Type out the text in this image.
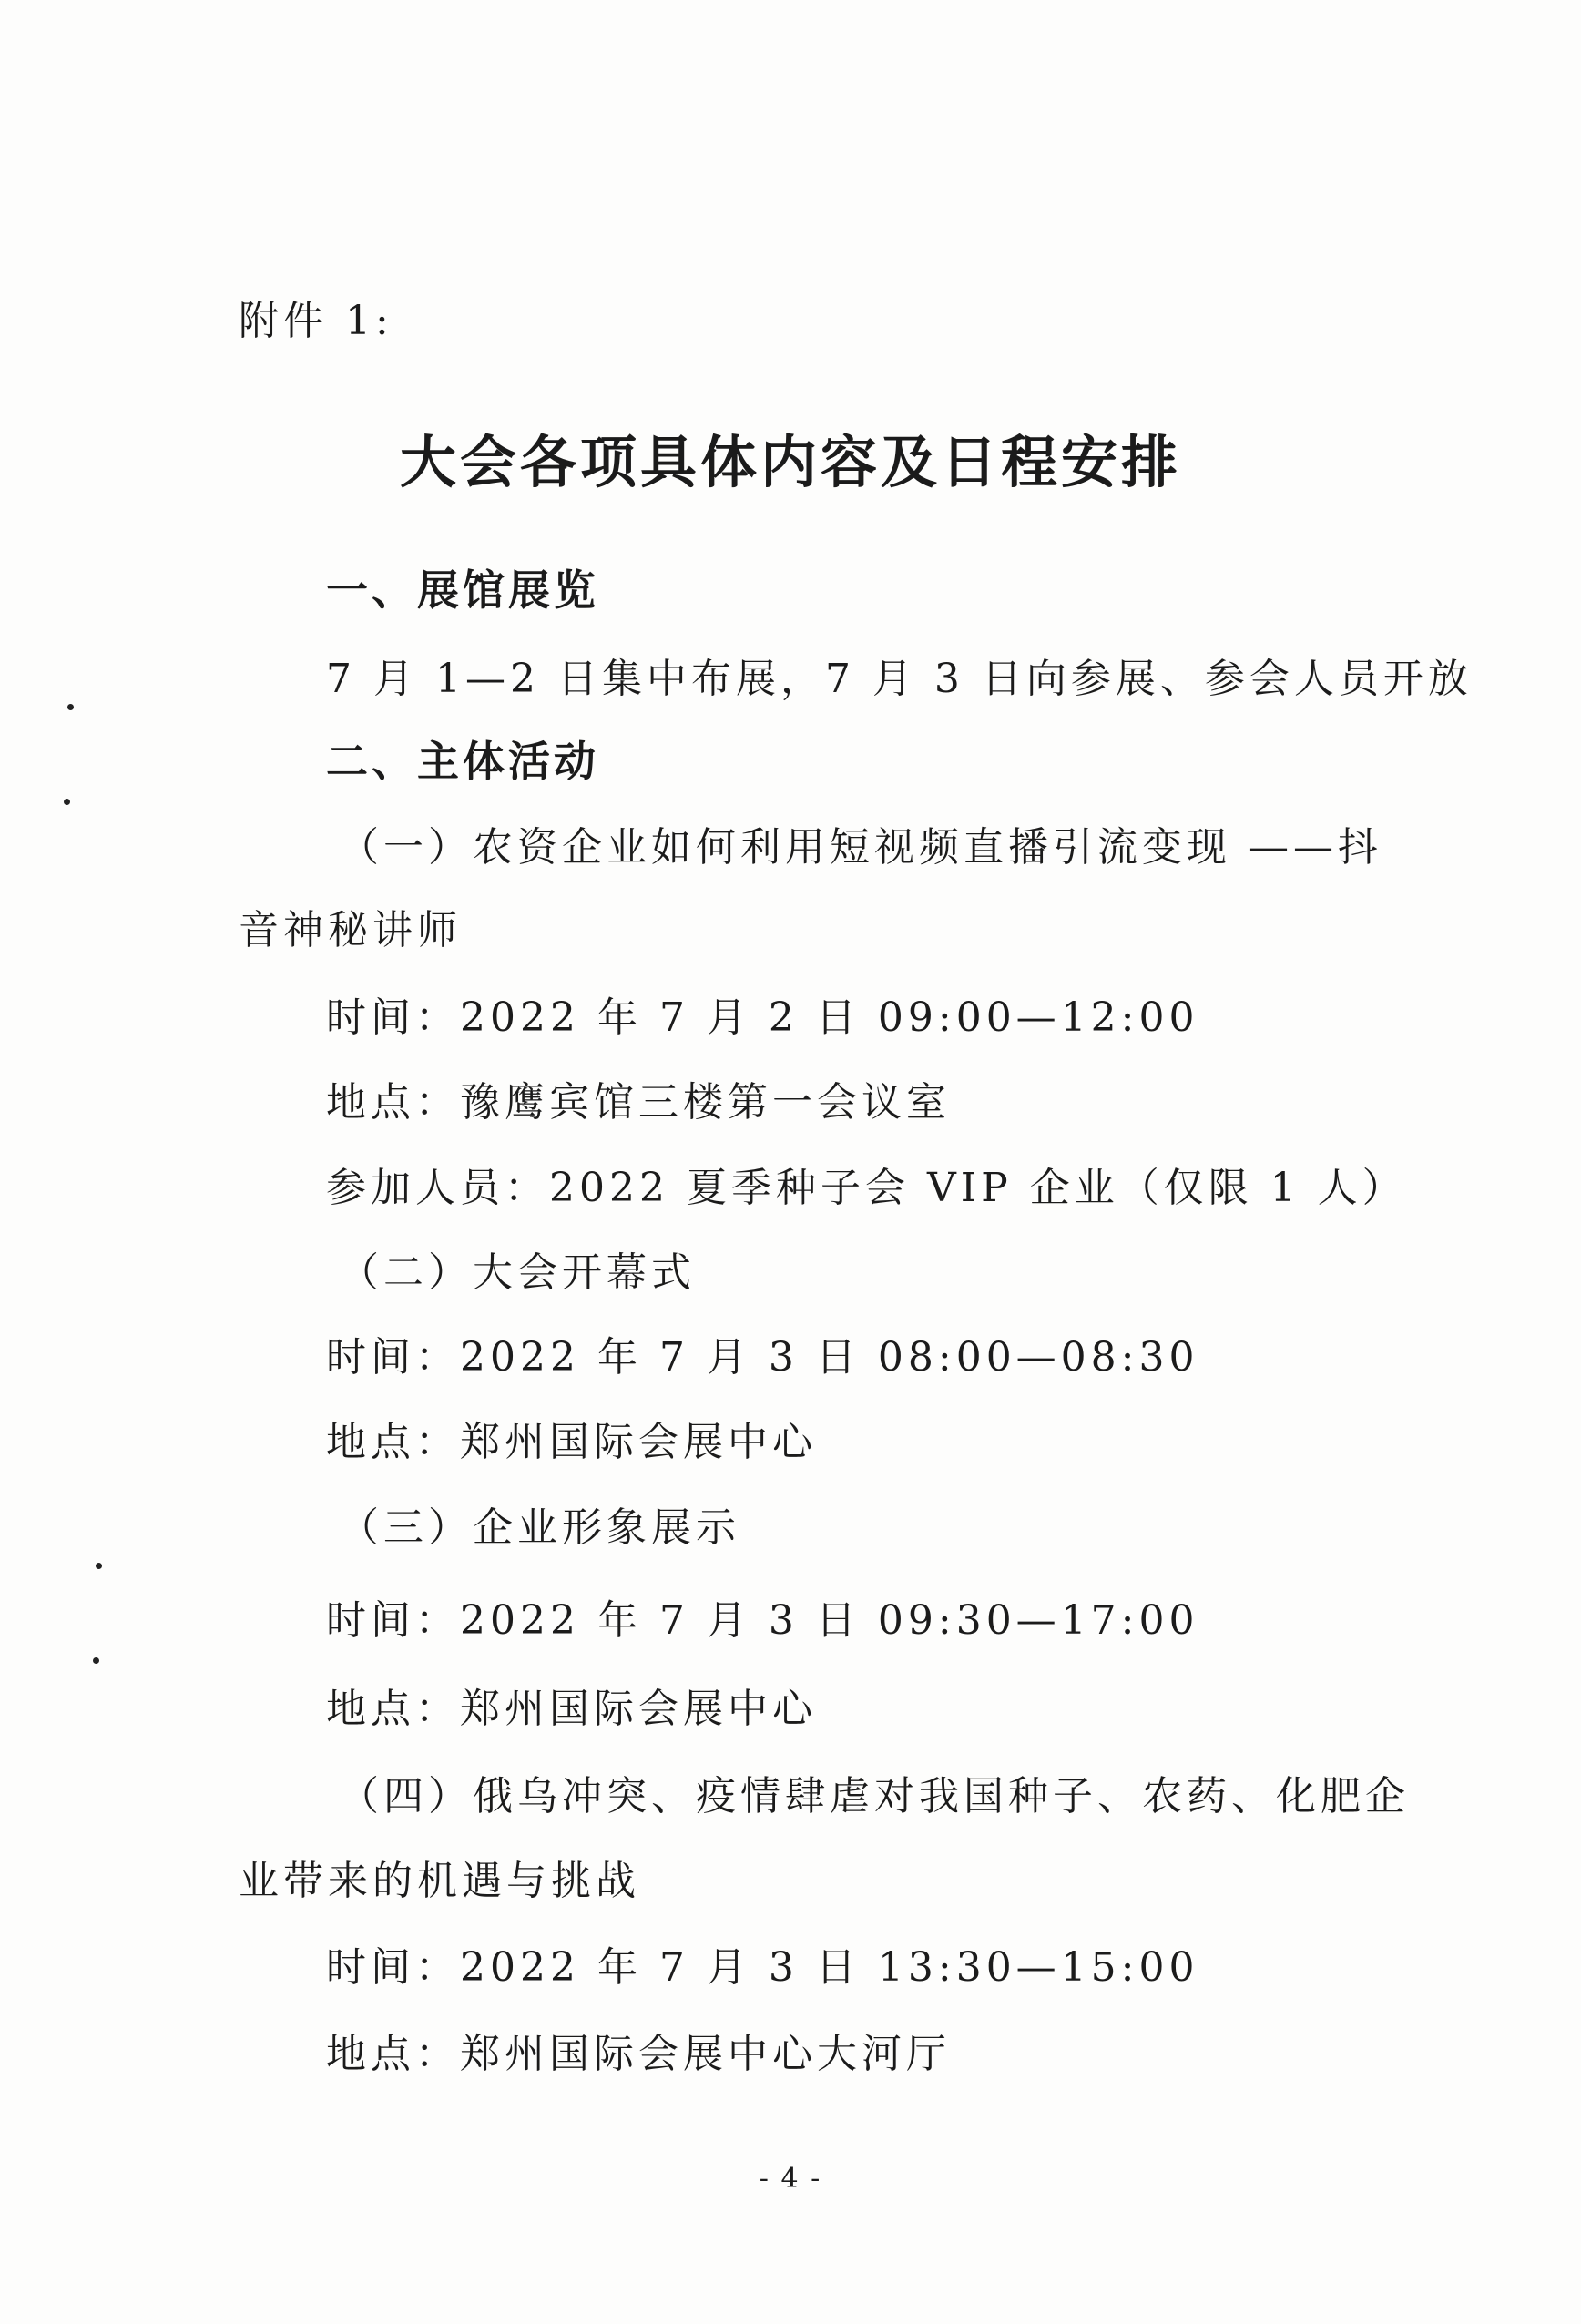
附件 1:
大会各项具体内容及日程安排
一、展馆展览
7 月 1—2 日集中布展，7 月 3 日向参展、参会人员开放
二、主体活动
（一）农资企业如何利用短视频直播引流变现 ——抖
音神秘讲师
时间：2022 年 7 月 2 日 09:00—12:00
地点：豫鹰宾馆三楼第一会议室
参加人员：2022 夏季种子会 VIP 企业（仅限 1 人）
（二）大会开幕式
时间：2022 年 7 月 3 日 08:00—08:30
地点：郑州国际会展中心
（三）企业形象展示
时间：2022 年 7 月 3 日 09:30—17:00
地点：郑州国际会展中心
（四）俄乌冲突、疫情肆虐对我国种子、农药、化肥企
业带来的机遇与挑战
时间：2022 年 7 月 3 日 13:30—15:00
地点：郑州国际会展中心大河厅
- 4 -
